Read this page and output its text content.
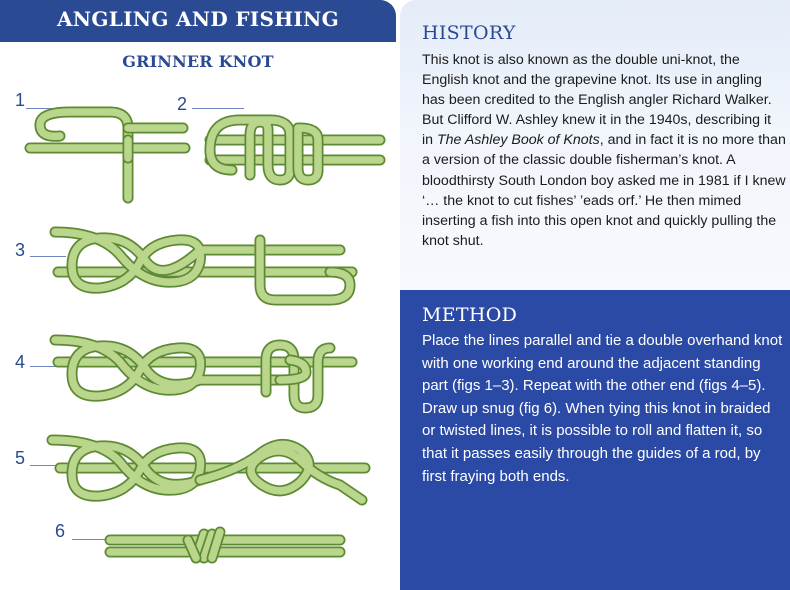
ANGLING AND FISHING
GRINNER KNOT
1	2
3
4
5
6
HISTORY
This knot is also known as the double uni-knot, the English knot and the grapevine knot. Its use in angling has been credited to the English angler Richard Walker. But Clifford W. Ashley knew it in the 1940s, describing it in The Ashley Book of Knots, and in fact it is no more than a version of the classic double fisherman’s knot. A bloodthirsty South London boy asked me in 1981 if I knew ‘… the knot to cut fishes’ ’eads orf.’ He then mimed inserting a fish into this open knot and quickly pulling the knot shut.
METHOD
Place the lines parallel and tie a double overhand knot with one working end around the adjacent standing part (figs 1–3). Repeat with the other end (figs 4–5). Draw up snug (fig 6). When tying this knot in braided or twisted lines, it is possible to roll and flatten it, so that it passes easily through the guides of a rod, by first fraying both ends.
